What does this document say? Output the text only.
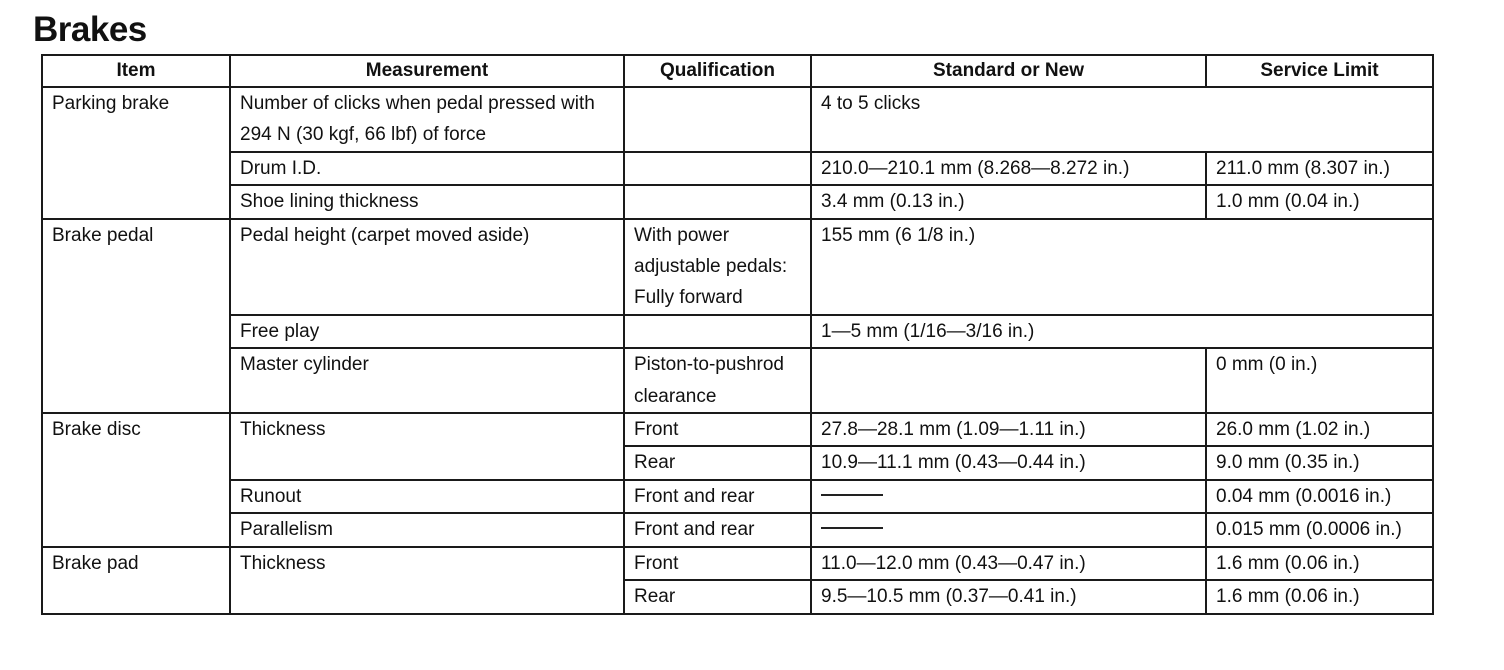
Brakes
Item	Measurement	Qualification	Standard or New	Service Limit
Parking brake	Number of clicks when pedal pressed with 294 N (30 kgf, 66 lbf) of force		4 to 5 clicks	
	Drum I.D.		210.0—210.1 mm (8.268—8.272 in.)	211.0 mm (8.307 in.)
	Shoe lining thickness		3.4 mm (0.13 in.)	1.0 mm (0.04 in.)
Brake pedal	Pedal height (carpet moved aside)	With power adjustable pedals: Fully forward	155 mm (6 1/8 in.)	
	Free play		1—5 mm (1/16—3/16 in.)	
	Master cylinder	Piston-to-pushrod clearance		0 mm (0 in.)
Brake disc	Thickness	Front	27.8—28.1 mm (1.09—1.11 in.)	26.0 mm (1.02 in.)
		Rear	10.9—11.1 mm (0.43—0.44 in.)	9.0 mm (0.35 in.)
	Runout	Front and rear		0.04 mm (0.0016 in.)
	Parallelism	Front and rear		0.015 mm (0.0006 in.)
Brake pad	Thickness	Front	11.0—12.0 mm (0.43—0.47 in.)	1.6 mm (0.06 in.)
		Rear	9.5—10.5 mm (0.37—0.41 in.)	1.6 mm (0.06 in.)
